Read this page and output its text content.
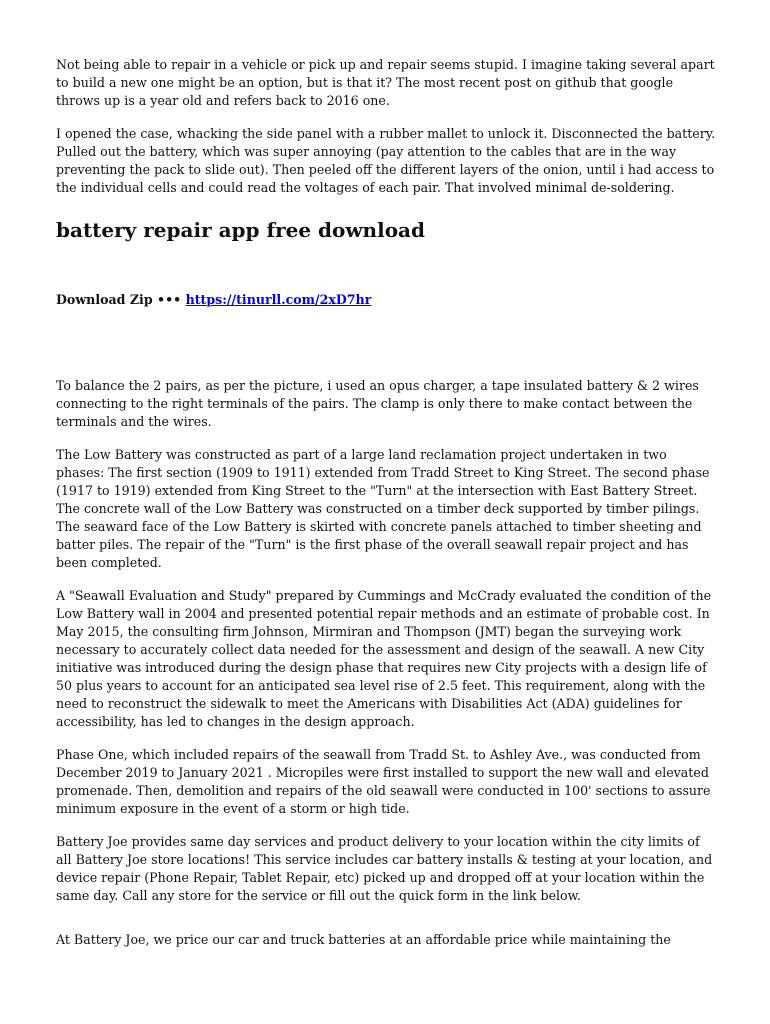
Not being able to repair in a vehicle or pick up and repair seems stupid. I imagine taking several apart to build a new one might be an option, but is that it? The most recent post on github that google throws up is a year old and refers back to 2016 one.

I opened the case, whacking the side panel with a rubber mallet to unlock it. Disconnected the battery. Pulled out the battery, which was super annoying (pay attention to the cables that are in the way preventing the pack to slide out). Then peeled off the different layers of the onion, until i had access to the individual cells and could read the voltages of each pair. That involved minimal de-soldering.

battery repair app free download
Download Zip ••• https://tinurll.com/2xD7hr

To balance the 2 pairs, as per the picture, i used an opus charger, a tape insulated battery & 2 wires connecting to the right terminals of the pairs. The clamp is only there to make contact between the terminals and the wires.

The Low Battery was constructed as part of a large land reclamation project undertaken in two phases: The first section (1909 to 1911) extended from Tradd Street to King Street. The second phase (1917 to 1919) extended from King Street to the "Turn" at the intersection with East Battery Street. The concrete wall of the Low Battery was constructed on a timber deck supported by timber pilings. The seaward face of the Low Battery is skirted with concrete panels attached to timber sheeting and batter piles. The repair of the "Turn" is the first phase of the overall seawall repair project and has been completed.

A "Seawall Evaluation and Study" prepared by Cummings and McCrady evaluated the condition of the Low Battery wall in 2004 and presented potential repair methods and an estimate of probable cost. In May 2015, the consulting firm Johnson, Mirmiran and Thompson (JMT) began the surveying work necessary to accurately collect data needed for the assessment and design of the seawall. A new City initiative was introduced during the design phase that requires new City projects with a design life of 50 plus years to account for an anticipated sea level rise of 2.5 feet. This requirement, along with the need to reconstruct the sidewalk to meet the Americans with Disabilities Act (ADA) guidelines for accessibility, has led to changes in the design approach.

Phase One, which included repairs of the seawall from Tradd St. to Ashley Ave., was conducted from December 2019 to January 2021 . Micropiles were first installed to support the new wall and elevated promenade. Then, demolition and repairs of the old seawall were conducted in 100' sections to assure minimum exposure in the event of a storm or high tide.

Battery Joe provides same day services and product delivery to your location within the city limits of all Battery Joe store locations! This service includes car battery installs & testing at your location, and device repair (Phone Repair, Tablet Repair, etc) picked up and dropped off at your location within the same day. Call any store for the service or fill out the quick form in the link below.

At Battery Joe, we price our car and truck batteries at an affordable price while maintaining the
